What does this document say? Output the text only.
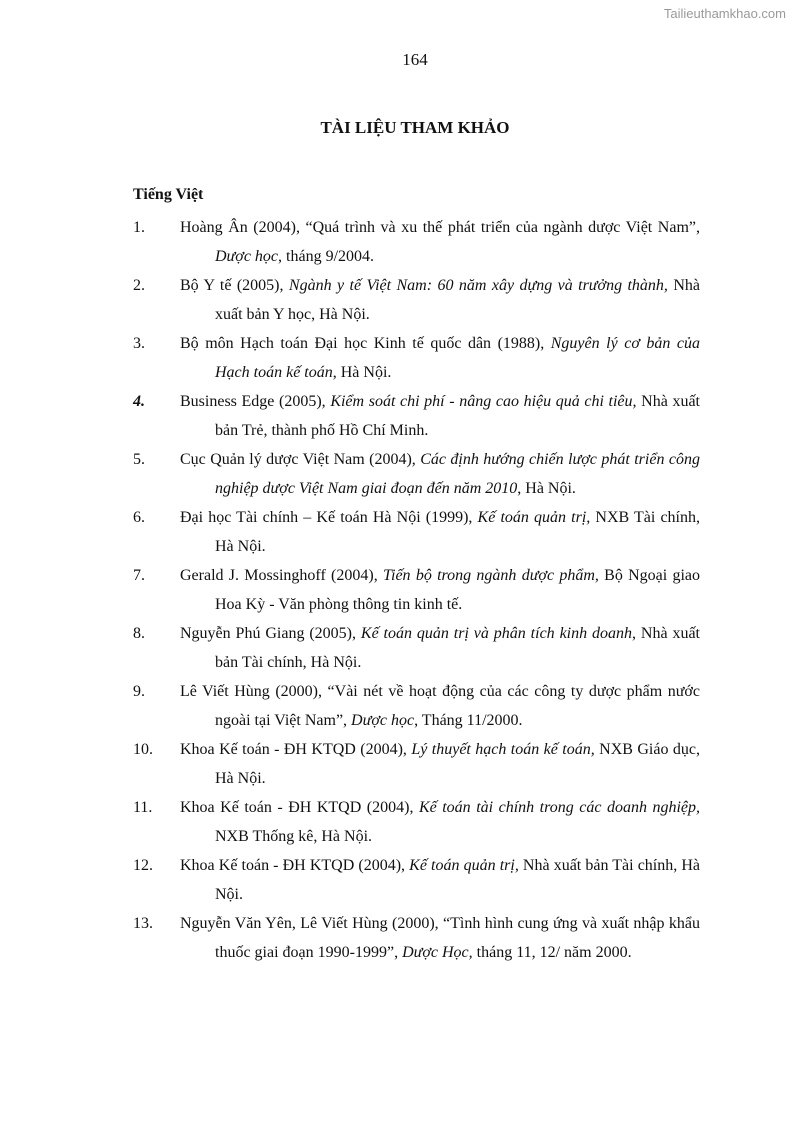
Tailieuthamkhao.com
164
TÀI LIỆU THAM KHẢO
Tiếng Việt
1.	Hoàng Ân (2004), “Quá trình và xu thế phát triển của ngành dược Việt Nam”, Dược học, tháng 9/2004.
2.	Bộ Y tế (2005), Ngành y tế Việt Nam: 60 năm xây dựng và trưởng thành, Nhà xuất bản Y học, Hà Nội.
3.	Bộ môn Hạch toán Đại học Kinh tế quốc dân (1988), Nguyên lý cơ bản của Hạch toán kế toán, Hà Nội.
4.	Business Edge (2005), Kiểm soát chi phí - nâng cao hiệu quả chi tiêu, Nhà xuất bản Trẻ, thành phố Hồ Chí Minh.
5.	Cục Quản lý dược Việt Nam (2004), Các định hướng chiến lược phát triển công nghiệp dược Việt Nam giai đoạn đến năm 2010, Hà Nội.
6.	Đại học Tài chính – Kế toán Hà Nội (1999), Kế toán quản trị, NXB Tài chính, Hà Nội.
7.	Gerald J. Mossinghoff (2004), Tiến bộ trong ngành dược phẩm, Bộ Ngoại giao Hoa Kỳ - Văn phòng thông tin kinh tế.
8.	Nguyễn Phú Giang (2005), Kế toán quản trị và phân tích kinh doanh, Nhà xuất bản Tài chính, Hà Nội.
9.	Lê Viết Hùng (2000), “Vài nét về hoạt động của các công ty dược phẩm nước ngoài tại Việt Nam”, Dược học, Tháng 11/2000.
10.	Khoa Kế toán - ĐH KTQD (2004), Lý thuyết hạch toán kế toán, NXB Giáo dục, Hà Nội.
11.	Khoa Kế toán - ĐH KTQD (2004), Kế toán tài chính trong các doanh nghiệp, NXB Thống kê, Hà Nội.
12.	Khoa Kế toán - ĐH KTQD (2004), Kế toán quản trị, Nhà xuất bản Tài chính, Hà Nội.
13.	Nguyễn Văn Yên, Lê Viết Hùng (2000), “Tình hình cung ứng và xuất nhập khẩu thuốc giai đoạn 1990-1999”, Dược Học, tháng 11, 12/ năm 2000.
